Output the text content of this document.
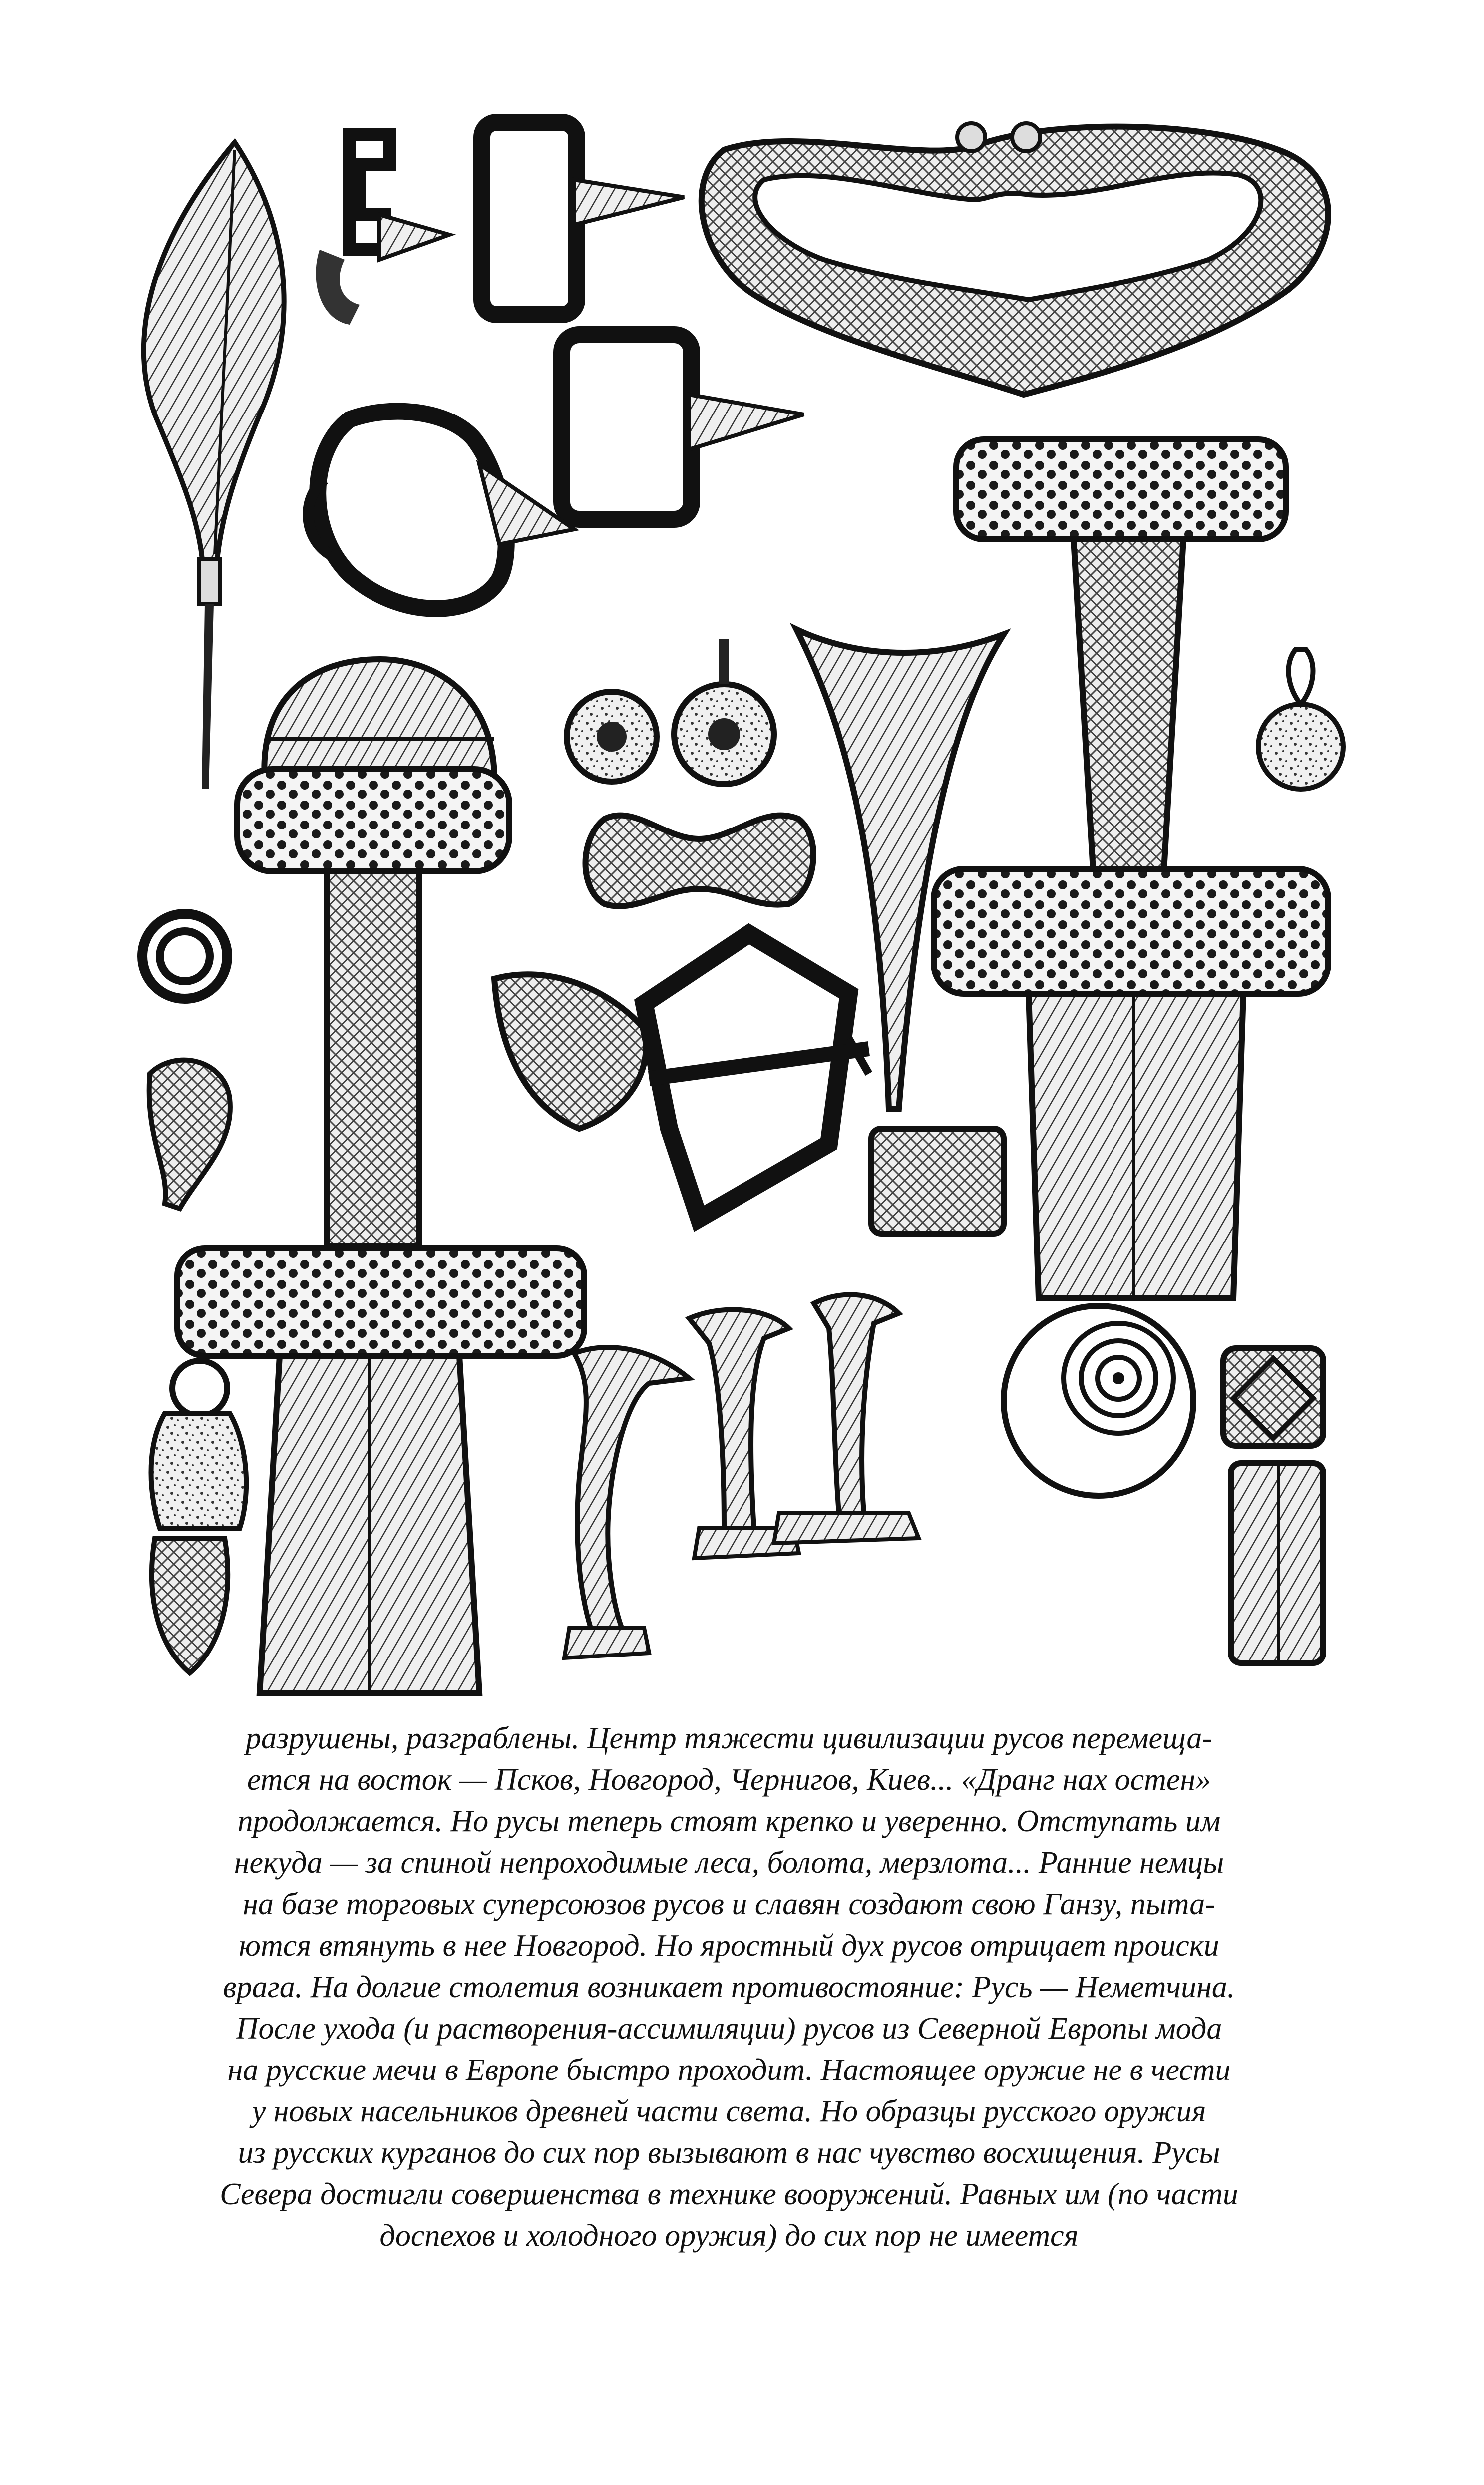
разрушены, разграблены. Центр тяжести цивилизации русов перемеща-
ется на восток — Псков, Новгород, Чернигов, Киев... «Дранг нах остен»
продолжается. Но русы теперь стоят крепко и уверенно. Отступать им
некуда — за спиной непроходимые леса, болота, мерзлота... Ранние немцы
на базе торговых суперсоюзов русов и славян создают свою Ганзу, пыта-
ются втянуть в нее Новгород. Но яростный дух русов отрицает происки
врага. На долгие столетия возникает противостояние: Русь — Неметчина.
После ухода (и растворения-ассимиляции) русов из Северной Европы мода
на русские мечи в Европе быстро проходит. Настоящее оружие не в чести
у новых насельников древней части света. Но образцы русского оружия
из русских курганов до сих пор вызывают в нас чувство восхищения. Русы
Севера достигли совершенства в технике вооружений. Равных им (по части
доспехов и холодного оружия) до сих пор не имеется
